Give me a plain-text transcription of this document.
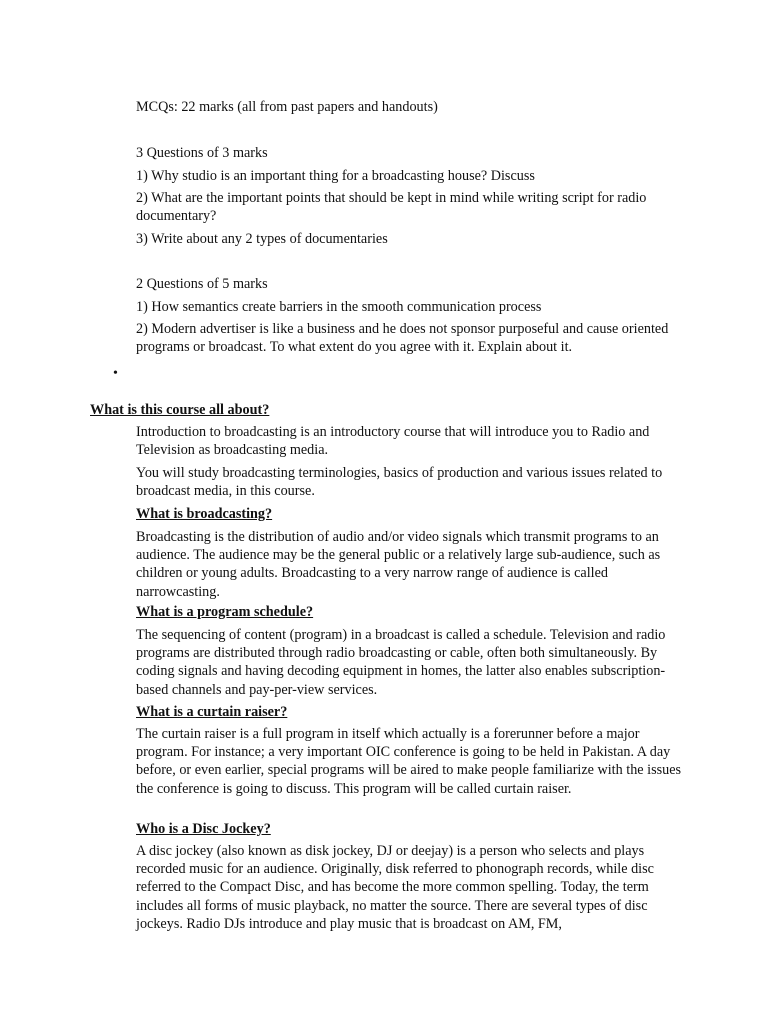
MCQs: 22 marks (all from past papers and handouts)

3 Questions of 3 marks

1) Why studio is an important thing for a broadcasting house? Discuss

2) What are the important points that should be kept in mind while writing script for radio documentary?

3) Write about any 2 types of documentaries

2 Questions of 5 marks

1) How semantics create barriers in the smooth communication process

2) Modern advertiser is like a business and he does not sponsor purposeful and cause oriented programs or broadcast. To what extent do you agree with it. Explain about it.

•
What is this course all about?

Introduction to broadcasting is an introductory course that will introduce you to Radio and Television as broadcasting media.

You will study broadcasting terminologies, basics of production and various issues related to broadcast media, in this course.

What is broadcasting?

Broadcasting is the distribution of audio and/or video signals which transmit programs to an audience. The audience may be the general public or a relatively large sub-audience, such as children or young adults. Broadcasting to a very narrow range of audience is called narrowcasting.

What is a program schedule?

The sequencing of content (program) in a broadcast is called a schedule. Television and radio programs are distributed through radio broadcasting or cable, often both simultaneously. By coding signals and having decoding equipment in homes, the latter also enables subscription-based channels and pay-per-view services.

What is a curtain raiser?

The curtain raiser is a full program in itself which actually is a forerunner before a major program. For instance; a very important OIC conference is going to be held in Pakistan. A day before, or even earlier, special programs will be aired to make people familiarize with the issues the conference is going to discuss. This program will be called curtain raiser.

Who is a Disc Jockey?

A disc jockey (also known as disk jockey, DJ or deejay) is a person who selects and plays recorded music for an audience. Originally, disk referred to phonograph records, while disc referred to the Compact Disc, and has become the more common spelling. Today, the term includes all forms of music playback, no matter the source. There are several types of disc jockeys. Radio DJs introduce and play music that is broadcast on AM, FM,
